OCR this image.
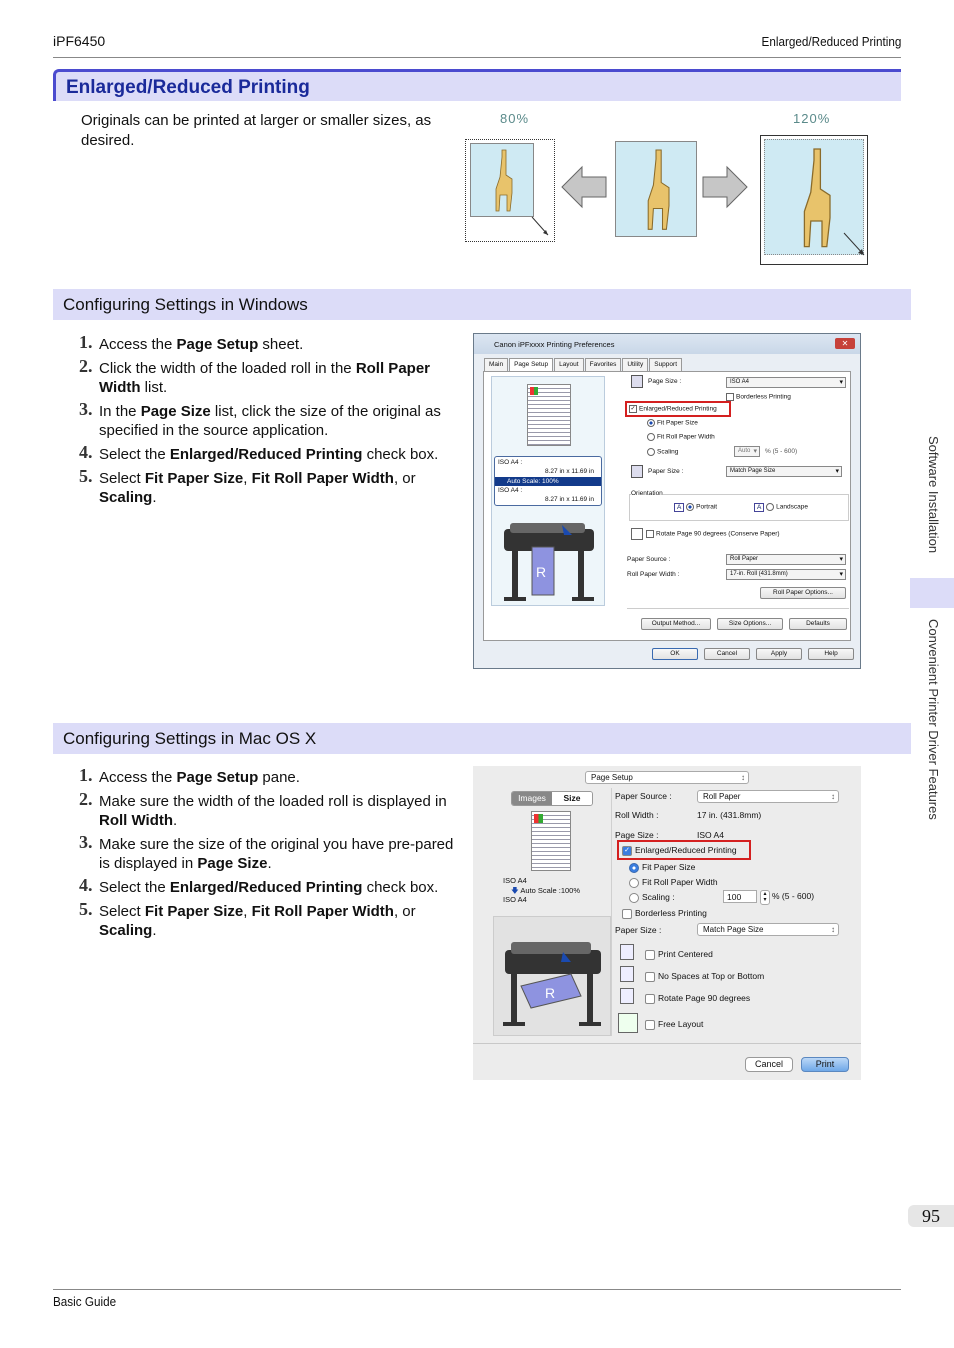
iPF6450	Enlarged/Reduced Printing
Enlarged/Reduced Printing
Originals can be printed at larger or smaller sizes, as desired.
80%	120%
Configuring Settings in Windows
1. Access the Page Setup sheet.
2. Click the width of the loaded roll in the Roll Paper Width list.
3. In the Page Size list, click the size of the original as specified in the source application.
4. Select the Enlarged/Reduced Printing check box.
5. Select Fit Paper Size, Fit Roll Paper Width, or Scaling.
Canon iPFxxxx Printing Preferences	✕
Main	Page Setup	Layout	Favorites	Utility	Support
ISO A4 :
8.27 in x 11.69 in
Auto Scale: 100%
ISO A4 :
8.27 in x 11.69 in
R
Page Size :	ISO A4 ▾
Borderless Printing
✓ Enlarged/Reduced Printing
Fit Paper Size
Fit Roll Paper Width
Scaling	Auto ▾	% (5 - 600)
Paper Size :	Match Page Size ▾
Orientation
A Portrait	A Landscape
Rotate Page 90 degrees (Conserve Paper)
Paper Source :	Roll Paper ▾
Roll Paper Width :	17-in. Roll (431.8mm) ▾
Roll Paper Options...
Output Method...	Size Options...	Defaults
OK	Cancel	Apply	Help
Configuring Settings in Mac OS X
1. Access the Page Setup pane.
2. Make sure the width of the loaded roll is displayed in Roll Width.
3. Make sure the size of the original you have pre-pared is displayed in Page Size.
4. Select the Enlarged/Reduced Printing check box.
5. Select Fit Paper Size, Fit Roll Paper Width, or Scaling.
Page Setup ↕
Images	Size
ISO A4
🡇 Auto Scale :100%
ISO A4
R
Paper Source :	Roll Paper ↕
Roll Width :	17 in. (431.8mm)
Page Size :	ISO A4
✓ Enlarged/Reduced Printing
Fit Paper Size
Fit Roll Paper Width
Scaling :	100	▴
▾ % (5 - 600)
Borderless Printing
Paper Size :	Match Page Size ↕
Print Centered
No Spaces at Top or Bottom
Rotate Page 90 degrees
Free Layout
Cancel	Print
Software Installation
Convenient Printer Driver Features
95
Basic Guide
